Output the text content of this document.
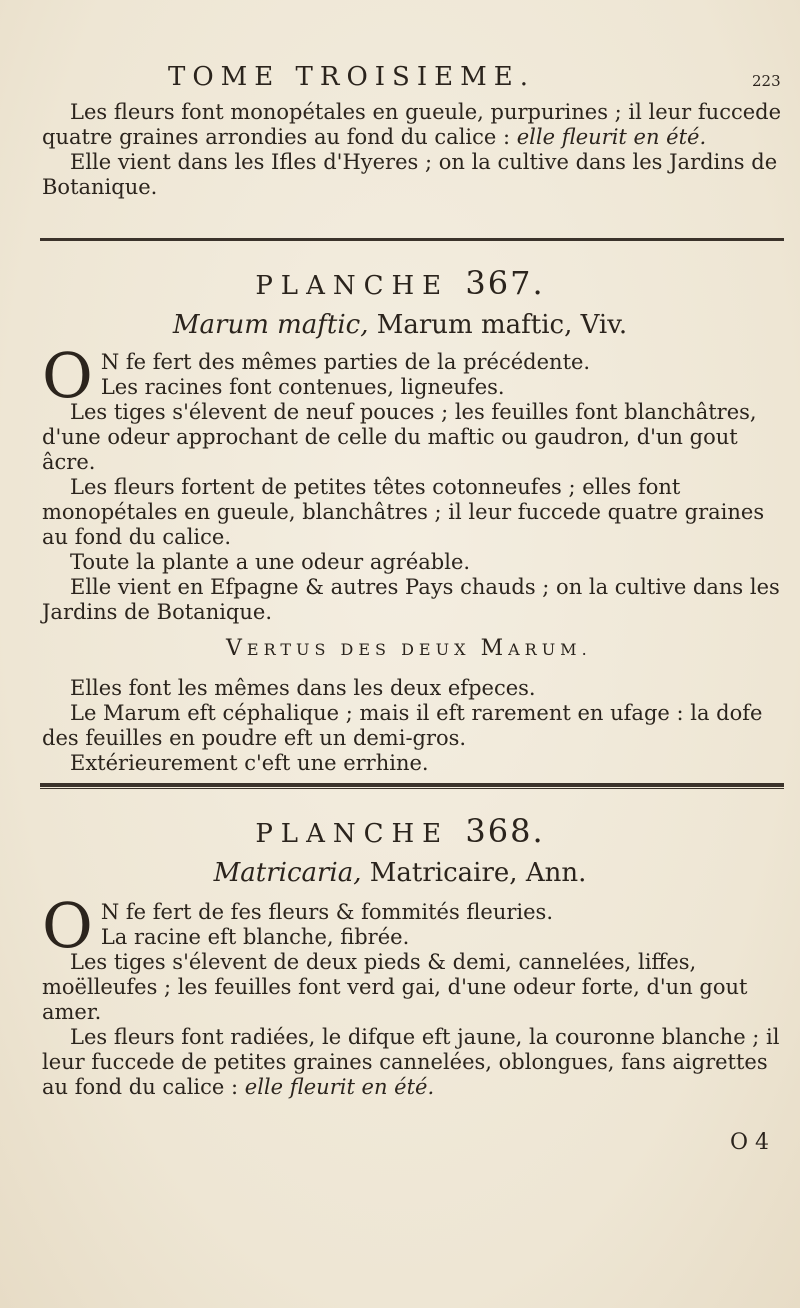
TOME TROISIEME.	223

Les fleurs font monopétales en gueule, purpurines ; il leur fuccede quatre graines arrondies au fond du calice : elle fleurit en été.

Elle vient dans les Ifles d'Hyeres ; on la cultive dans les Jardins de Botanique.

PLANCHE 367.
Marum maftic, Marum maftic, Viv.
O N fe fert des mêmes parties de la précédente.

Les racines font contenues, ligneufes.

Les tiges s'élevent de neuf pouces ; les feuilles font blanchâtres, d'une odeur approchant de celle du maftic ou gaudron, d'un gout âcre.

Les fleurs fortent de petites têtes cotonneufes ; elles font monopétales en gueule, blanchâtres ; il leur fuccede quatre graines au fond du calice.

Toute la plante a une odeur agréable.

Elle vient en Efpagne & autres Pays chauds ; on la cultive dans les Jardins de Botanique.

VERTUS DES DEUX MARUM.

Elles font les mêmes dans les deux efpeces.

Le Marum eft céphalique ; mais il eft rarement en ufage : la dofe des feuilles en poudre eft un demi-gros.

Extérieurement c'eft une errhine.

PLANCHE 368.
Matricaria, Matricaire, Ann.
O N fe fert de fes fleurs & fommités fleuries.

La racine eft blanche, fibrée.

Les tiges s'élevent de deux pieds & demi, cannelées, liffes, moëlleufes ; les feuilles font verd gai, d'une odeur forte, d'un gout amer.

Les fleurs font radiées, le difque eft jaune, la couronne blanche ; il leur fuccede de petites graines cannelées, oblongues, fans aigrettes au fond du calice : elle fleurit en été.

O 4
